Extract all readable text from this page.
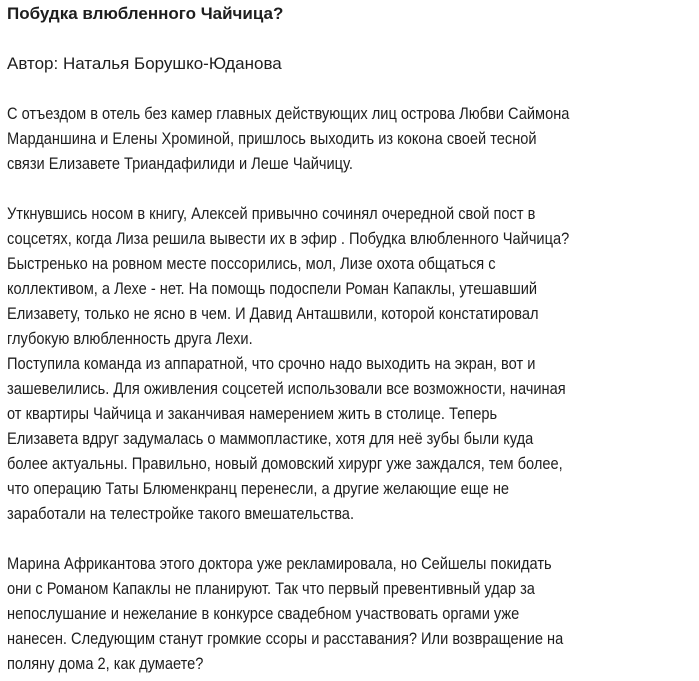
Побудка влюбленного Чайчица?

Автор: Наталья Борушко-Юданова

С отъездом в отель без камер главных действующих лиц острова Любви Саймона
Марданшина и Елены Хроминой, пришлось выходить из кокона своей тесной
связи Елизавете Триандафилиди и Леше Чайчицу.

Уткнувшись носом в книгу, Алексей привычно сочинял очередной свой пост в
соцсетях, когда Лиза решила вывести их в эфир . Побудка влюбленного Чайчица?
Быстренько на ровном месте поссорились, мол, Лизе охота общаться с
коллективом, а Лехе - нет. На помощь подоспели Роман Капаклы, утешавший
Елизавету, только не ясно в чем. И Давид Анташвили, которой констатировал
глубокую влюбленность друга Лехи.

Поступила команда из аппаратной, что срочно надо выходить на экран, вот и
зашевелились. Для оживления соцсетей использовали все возможности, начиная
от квартиры Чайчица и заканчивая намерением жить в столице. Теперь
Елизавета вдруг задумалась о маммопластике, хотя для неё зубы были куда
более актуальны. Правильно, новый домовский хирург уже заждался, тем более,
что операцию Таты Блюменкранц перенесли, а другие желающие еще не
заработали на телестройке такого вмешательства.

Марина Африкантова этого доктора уже рекламировала, но Сейшелы покидать
они с Романом Капаклы не планируют. Так что первый превентивный удар за
непослушание и нежелание в конкурсе свадебном участвовать оргами уже
нанесен. Следующим станут громкие ссоры и расставания? Или возвращение на
поляну дома 2, как думаете?
